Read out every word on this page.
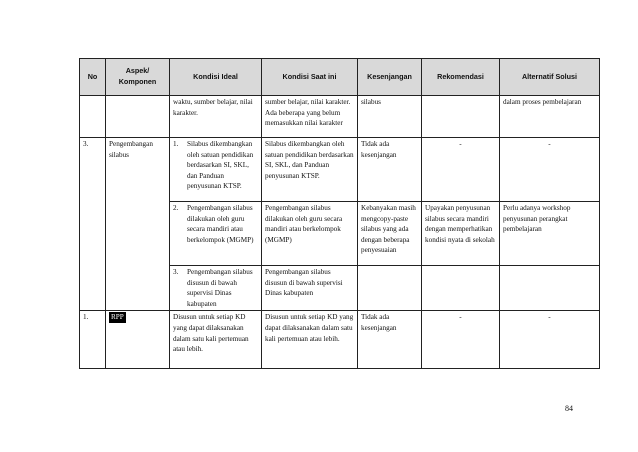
No	Aspek/ Komponen	Kondisi Ideal	Kondisi Saat ini	Kesenjangan	Rekomendasi	Alternatif Solusi
		waktu, sumber belajar, nilai karakter.	sumber belajar, nilai karakter. Ada beberapa yang belum memasukkan nilai karakter	silabus		dalam proses pembelajaran
3.	Pengembangan silabus	1. Silabus dikembangkan oleh satuan pendidikan berdasarkan SI, SKL, dan Panduan penyusunan KTSP.	Silabus dikembangkan oleh satuan pendidikan berdasarkan SI, SKL, dan Panduan penyusunan KTSP.	Tidak ada kesenjangan	-	-

		2. Pengembangan silabus dilakukan oleh guru secara mandiri atau berkelompok (MGMP)	Pengembangan silabus dilakukan oleh guru secara mandiri atau berkelompok (MGMP)	Kebanyakan masih mengcopy-paste silabus yang ada dengan beberapa penyesuaian	Upayakan penyusunan silabus secara mandiri dengan memperhatikan kondisi nyata di sekolah	Perlu adanya workshop penyusunan perangkat pembelajaran

		3. Pengembangan silabus disusun di bawah supervisi Dinas kabupaten	Pengembangan silabus disusun di bawah supervisi Dinas kabupaten			
1.	RPP	Disusun untuk setiap KD yang dapat dilaksanakan dalam satu kali pertemuan atau lebih.	Disusun untuk setiap KD yang dapat dilaksanakan dalam satu kali pertemuan atau lebih.	Tidak ada kesenjangan	-	-
84
